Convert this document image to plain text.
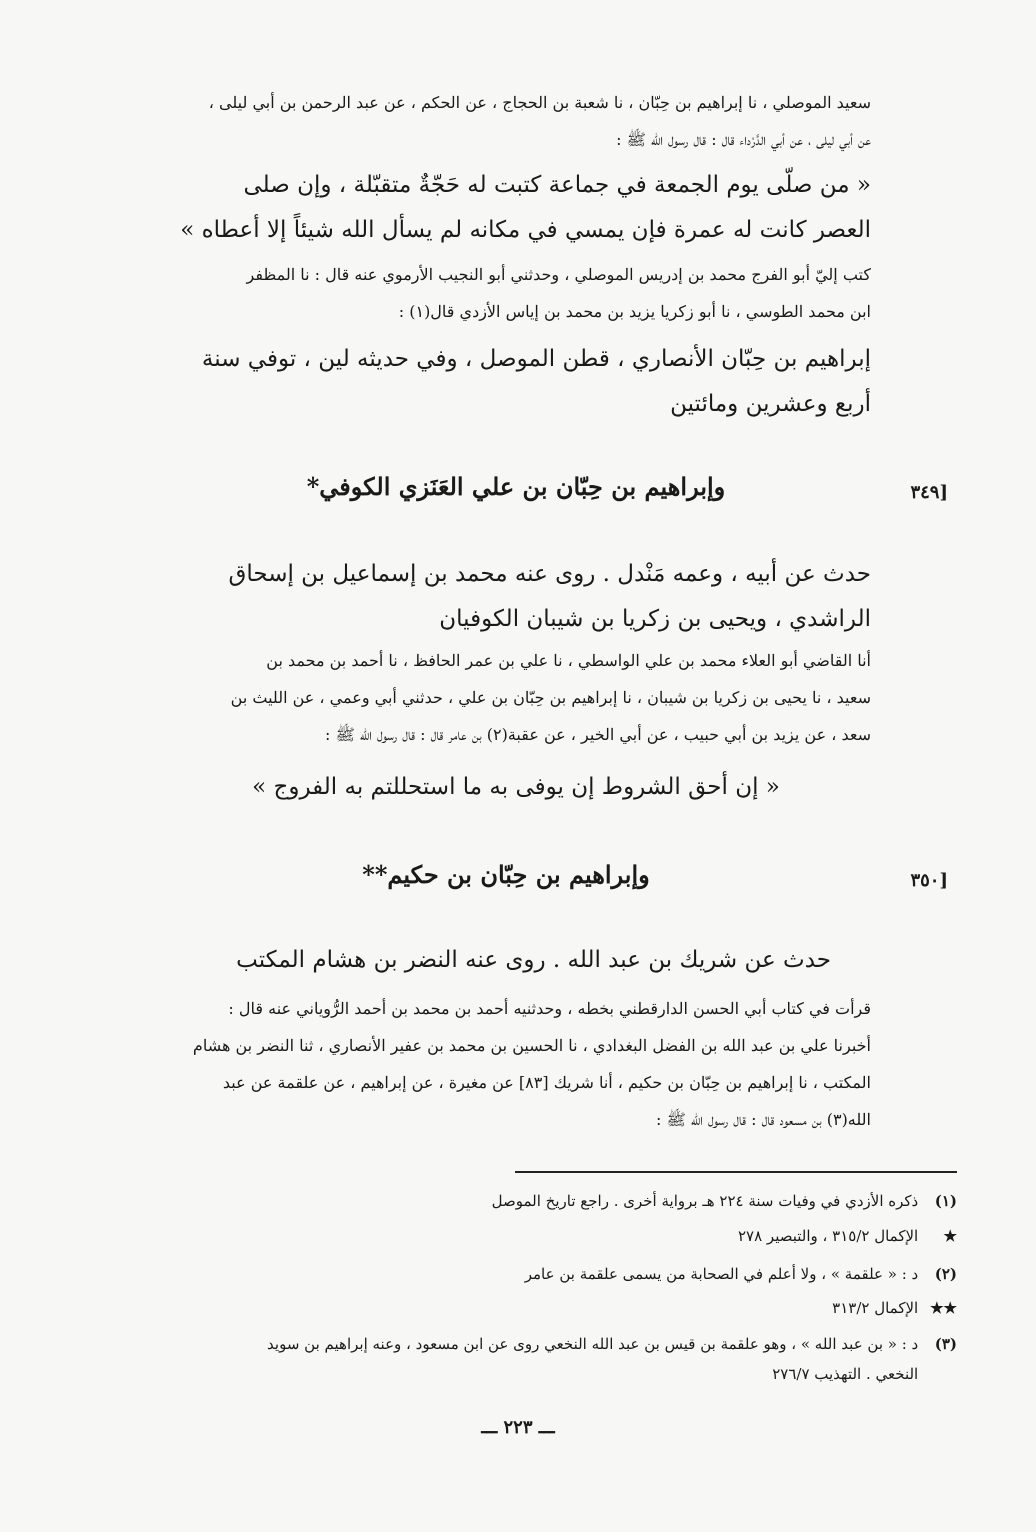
سعيد الموصلي ، نا إبراهيم بن حِبّان ، نا شعبة بن الحجاج ، عن الحكم ، عن عبد الرحمن بن أبي ليلى ،
عن أبي ليلى ، عن أبي الدَّرْداء قال : قال رسول الله ﷺ :
« من صلّى يوم الجمعة في جماعة كتبت له حَجّةٌ متقبّلة ، وإن صلى
العصر كانت له عمرة فإن يمسي في مكانه لم يسأل الله شيئاً إلا أعطاه »
كتب إليّ أبو الفرج محمد بن إدريس الموصلي ، وحدثني أبو النجيب الأرموي عنه قال : نا المظفر
ابن محمد الطوسي ، نا أبو زكريا يزيد بن محمد بن إياس الأزدي قال(١) :
إبراهيم بن حِبّان الأنصاري ، قطن الموصل ، وفي حديثه لين ، توفي سنة
أربع وعشرين ومائتين
[٣٤٩
وإبراهيم بن حِبّان بن علي العَنَزي الكوفي*
حدث عن أبيه ، وعمه مَنْدل . روى عنه محمد بن إسماعيل بن إسحاق
الراشدي ، ويحيى بن زكريا بن شيبان الكوفيان
أنا القاضي أبو العلاء محمد بن علي الواسطي ، نا علي بن عمر الحافظ ، نا أحمد بن محمد بن
سعيد ، نا يحيى بن زكريا بن شيبان ، نا إبراهيم بن حِبّان بن علي ، حدثني أبي وعمي ، عن الليث بن
سعد ، عن يزيد بن أبي حبيب ، عن أبي الخير ، عن عقبة(٢) بن عامر قال : قال رسول الله ﷺ :
« إن أحق الشروط إن يوفى به ما استحللتم به الفروج »
[٣٥٠
وإبراهيم بن حِبّان بن حكيم**
حدث عن شريك بن عبد الله . روى عنه النضر بن هشام المكتب
قرأت في كتاب أبي الحسن الدارقطني بخطه ، وحدثنيه أحمد بن محمد بن أحمد الرُّوياني عنه قال :
أخبرنا علي بن عبد الله بن الفضل البغدادي ، نا الحسين بن محمد بن عفير الأنصاري ، ثنا النضر بن هشام
المكتب ، نا إبراهيم بن حِبّان بن حكيم ، أنا شريك [٨٣] عن مغيرة ، عن إبراهيم ، عن علقمة عن عبد
الله(٣) بن مسعود قال : قال رسول الله ﷺ :
(١) ذكره الأزدي في وفيات سنة ٢٢٤ هـ برواية أخرى . راجع تاريخ الموصل
★ الإكمال ٣١٥/٢ ، والتبصير ٢٧٨
(٢) د : « علقمة » ، ولا أعلم في الصحابة من يسمى علقمة بن عامر
★★ الإكمال ٣١٣/٢
(٣) د : « بن عبد الله » ، وهو علقمة بن قيس بن عبد الله النخعي روى عن ابن مسعود ، وعنه إبراهيم بن سويد
النخعي . التهذيب ٢٧٦/٧
ـــ ٢٢٣ ـــ
